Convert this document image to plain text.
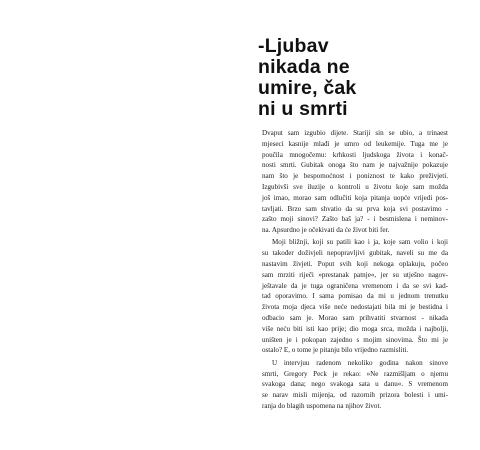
-Ljubav
nikada ne
umire, čak
ni u smrti
Dvaput sam izgubio dijete. Stariji sin se ubio, a trinaest
mjeseci kasnije mlađi je umro od leukemije. Tuga me je
poučila mnogočemu: krhkosti ljudskoga života i konač-
nosti smrti. Gubitak onoga što nam je najvažnije pokazuje
nam što je bespomoćnost i poniznost te kako preživjeti.
Izgubivši sve iluzije o kontroli u životu koje sam možda
još imao, morao sam odlučiti koja pitanja uopće vrijedi pos-
tavljati. Brzo sam shvatio da su prva koja svi postavimo -
zašto moji sinovi? Zašto baš ja? - i besmislena i neminov-
na. Apsurdno je očekivati da će život biti fer.
Moji bližnji, koji su patili kao i ja, koje sam volio i koji
su također doživjeli nepopravljivi gubitak, naveli su me da
nastavim živjeti. Poput svih koji nekoga oplakuju, počeo
sam mrziti riječi »prestanak patnje«, jer su utješno nagov-
ještavale da je tuga ograničena vremenom i da se svi kad-
tad oporavimo. I sama pomisao da mi u jednom trenutku
života moja djeca više neće nedostajati bila mi je bestidna i
odbacio sam je. Morao sam prihvatiti stvarnost - nikada
više neću biti isti kao prije; dio moga srca, možda i najbolji,
uništen je i pokopan zajedno s mojim sinovima. Što mi je
ostalo? E, o tome je pitanju bilo vrijedno razmisliti.
U intervjuu radenom nekoliko godina nakon sinove
smrti, Gregory Peck je rekao: »Ne razmišljam o njemu
svakoga dana; nego svakoga sata u danu«. S vremenom
se narav misli mijenja, od razornih prizora bolesti i umi-
ranja do blagih uspomena na njihov život.
